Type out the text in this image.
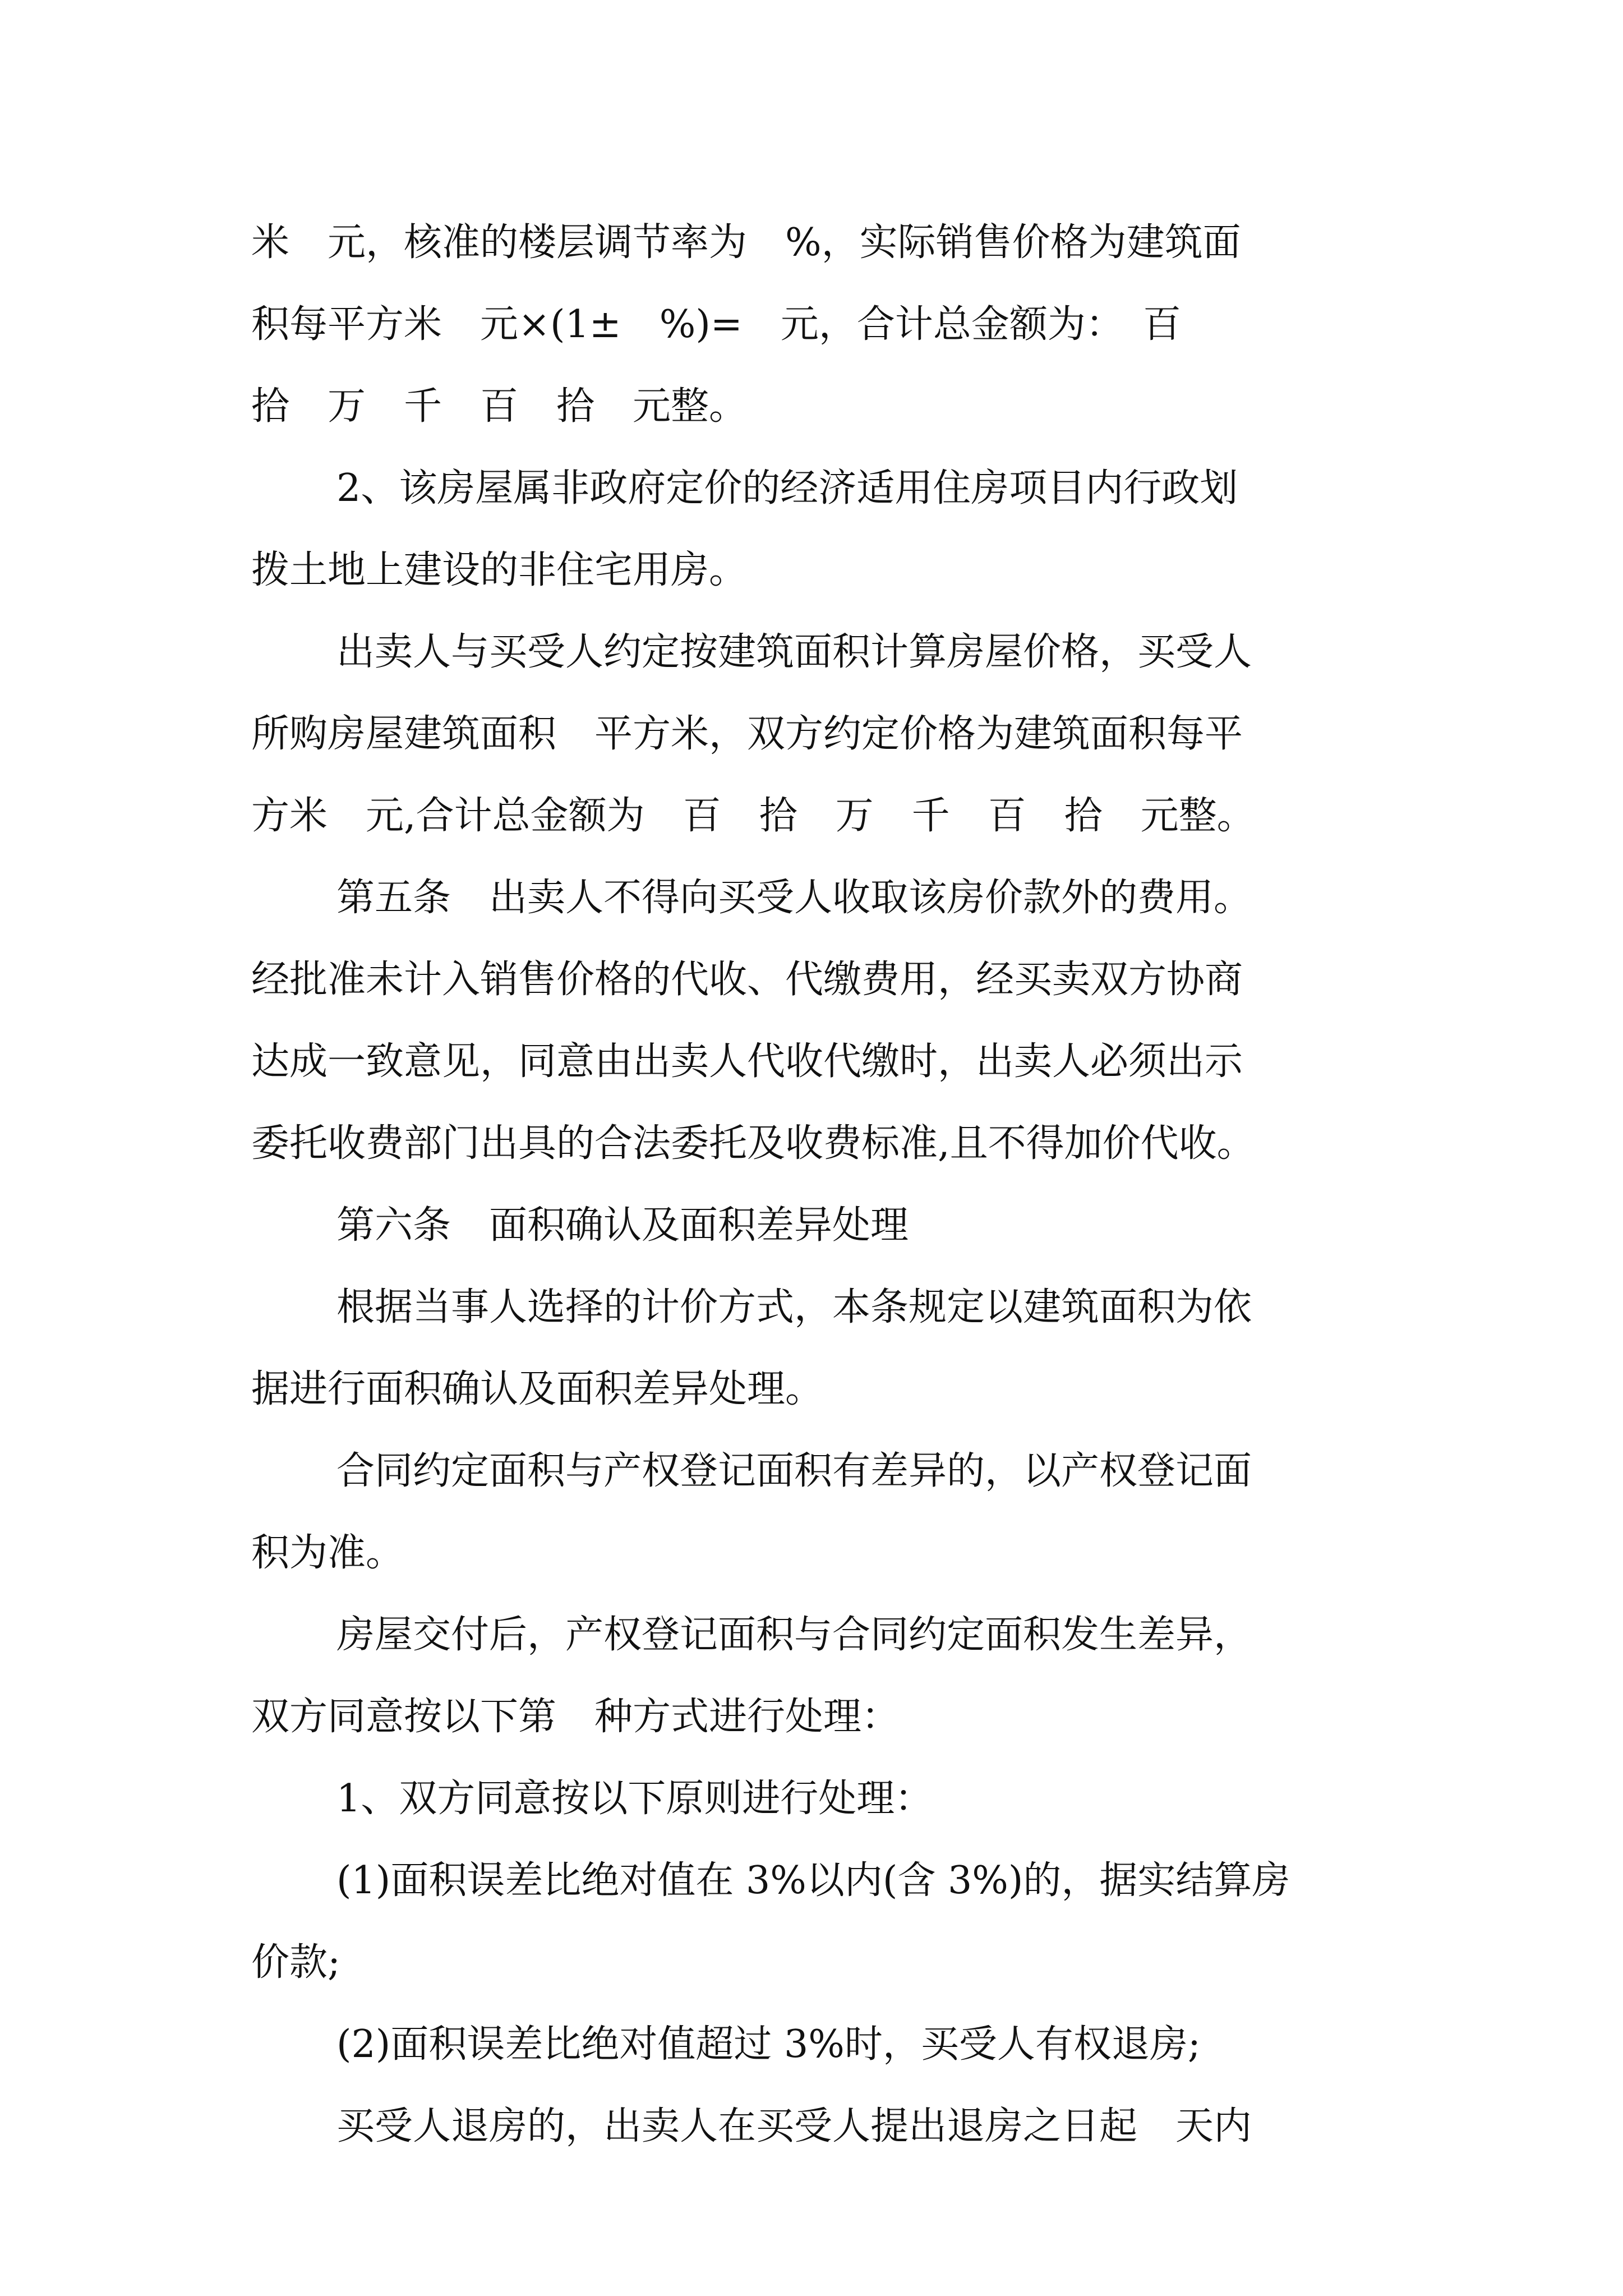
米　元，核准的楼层调节率为　%，实际销售价格为建筑面
积每平方米　元×(1±　%)=　元，合计总金额为：　百
拾　万　千　百　拾　元整。
2、该房屋属非政府定价的经济适用住房项目内行政划
拨土地上建设的非住宅用房。
出卖人与买受人约定按建筑面积计算房屋价格，买受人
所购房屋建筑面积　平方米，双方约定价格为建筑面积每平
方米　元,合计总金额为　百　拾　万　千　百　拾　元整。
第五条　出卖人不得向买受人收取该房价款外的费用。
经批准未计入销售价格的代收、代缴费用，经买卖双方协商
达成一致意见，同意由出卖人代收代缴时，出卖人必须出示
委托收费部门出具的合法委托及收费标准,且不得加价代收。
第六条　面积确认及面积差异处理
根据当事人选择的计价方式，本条规定以建筑面积为依
据进行面积确认及面积差异处理。
合同约定面积与产权登记面积有差异的，以产权登记面
积为准。
房屋交付后，产权登记面积与合同约定面积发生差异，
双方同意按以下第　种方式进行处理：
1、双方同意按以下原则进行处理：
(1)面积误差比绝对值在 3%以内(含 3%)的，据实结算房
价款;
(2)面积误差比绝对值超过 3%时，买受人有权退房;
买受人退房的，出卖人在买受人提出退房之日起　天内
